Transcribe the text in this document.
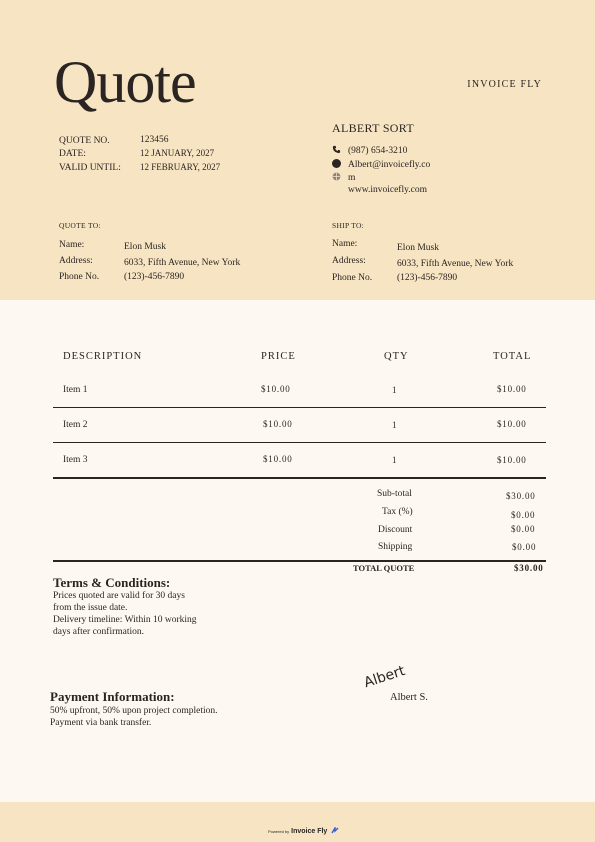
Quote	INVOICE FLY
QUOTE NO.	123456
DATE:	12 JANUARY, 2027
VALID UNTIL: 12 FEBRUARY, 2027
ALBERT SORT
(987) 654-3210
Albert@invoicefly.co
m
www.invoicefly.com
QUOTE TO:
Name:	Elon Musk
Address:	6033, Fifth Avenue, New York
Phone No.	(123)-456-7890
SHIP TO:
Name:	Elon Musk
Address:	6033, Fifth Avenue, New York
Phone No.	(123)-456-7890
DESCRIPTION	PRICE	QTY	TOTAL
Item 1	$10.00	1	$10.00
Item 2	$10.00	1	$10.00
Item 3	$10.00	1	$10.00
Sub-total	$30.00
Tax (%)	$0.00
Discount	$0.00
Shipping	$0.00
TOTAL QUOTE	$30.00
Terms & Conditions:
Prices quoted are valid for 30 days
from the issue date.
Delivery timeline: Within 10 working
days after confirmation.
Payment Information:
50% upfront, 50% upon project completion.
Payment via bank transfer.
Albert
Albert S.
Powered by Invoice Fly
